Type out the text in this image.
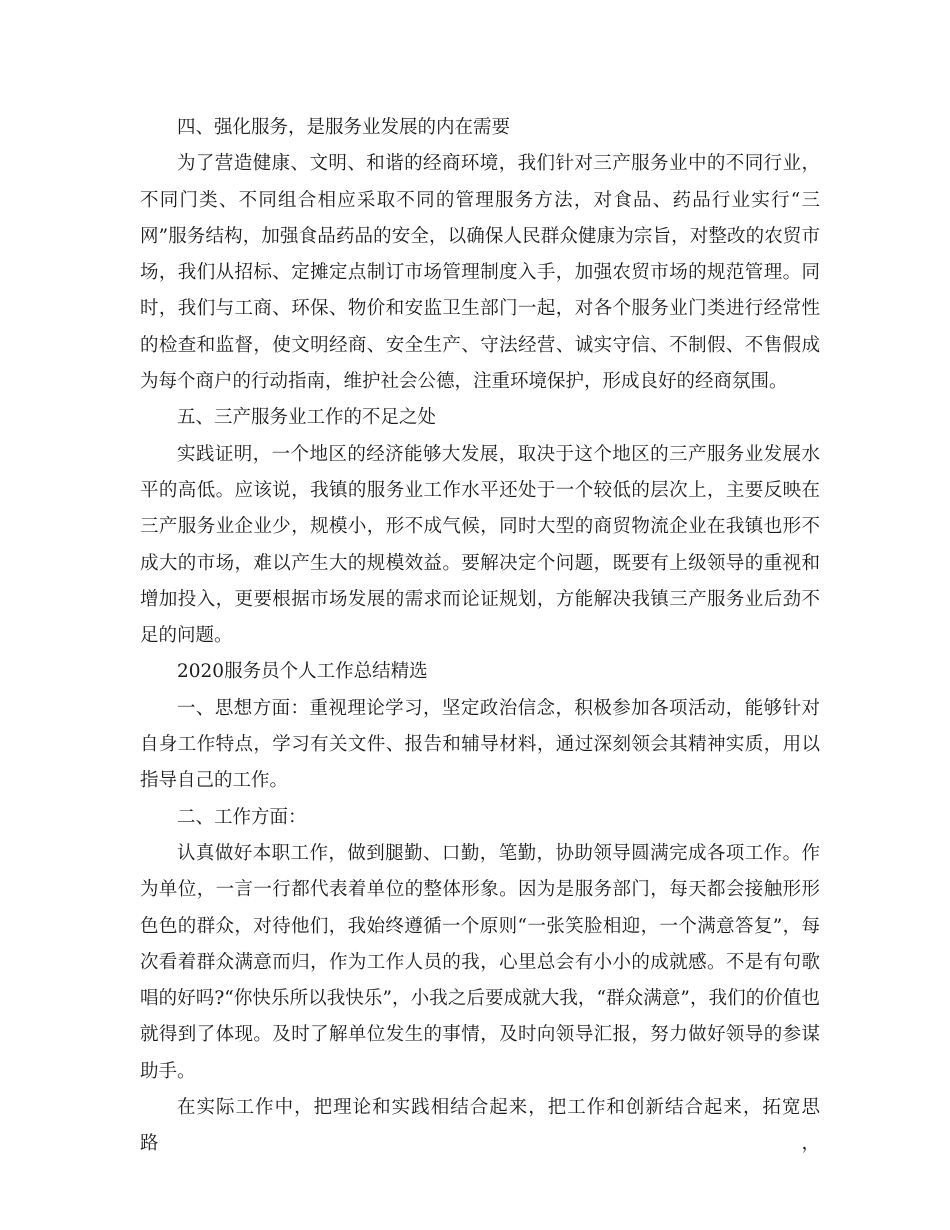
四、强化服务，是服务业发展的内在需要

为了营造健康、文明、和谐的经商环境，我们针对三产服务业中的不同行业，不同门类、不同组合相应采取不同的管理服务方法，对食品、药品行业实行“三网”服务结构，加强食品药品的安全，以确保人民群众健康为宗旨，对整改的农贸市场，我们从招标、定摊定点制订市场管理制度入手，加强农贸市场的规范管理。同时，我们与工商、环保、物价和安监卫生部门一起，对各个服务业门类进行经常性的检查和监督，使文明经商、安全生产、守法经营、诚实守信、不制假、不售假成为每个商户的行动指南，维护社会公德，注重环境保护，形成良好的经商氛围。

五、三产服务业工作的不足之处

实践证明，一个地区的经济能够大发展，取决于这个地区的三产服务业发展水平的高低。应该说，我镇的服务业工作水平还处于一个较低的层次上，主要反映在三产服务业企业少，规模小，形不成气候，同时大型的商贸物流企业在我镇也形不成大的市场，难以产生大的规模效益。要解决定个问题，既要有上级领导的重视和增加投入，更要根据市场发展的需求而论证规划，方能解决我镇三产服务业后劲不足的问题。

2020服务员个人工作总结精选

一、思想方面：重视理论学习，坚定政治信念，积极参加各项活动，能够针对自身工作特点，学习有关文件、报告和辅导材料，通过深刻领会其精神实质，用以指导自己的工作。

二、工作方面：

认真做好本职工作，做到腿勤、口勤，笔勤，协助领导圆满完成各项工作。作为单位，一言一行都代表着单位的整体形象。因为是服务部门，每天都会接触形形色色的群众，对待他们，我始终遵循一个原则“一张笑脸相迎，一个满意答复”，每次看着群众满意而归，作为工作人员的我，心里总会有小小的成就感。不是有句歌唱的好吗?“你快乐所以我快乐”，小我之后要成就大我，“群众满意”，我们的价值也就得到了体现。及时了解单位发生的事情，及时向领导汇报，努力做好领导的参谋助手。

在实际工作中，把理论和实践相结合起来，把工作和创新结合起来，拓宽思路，
